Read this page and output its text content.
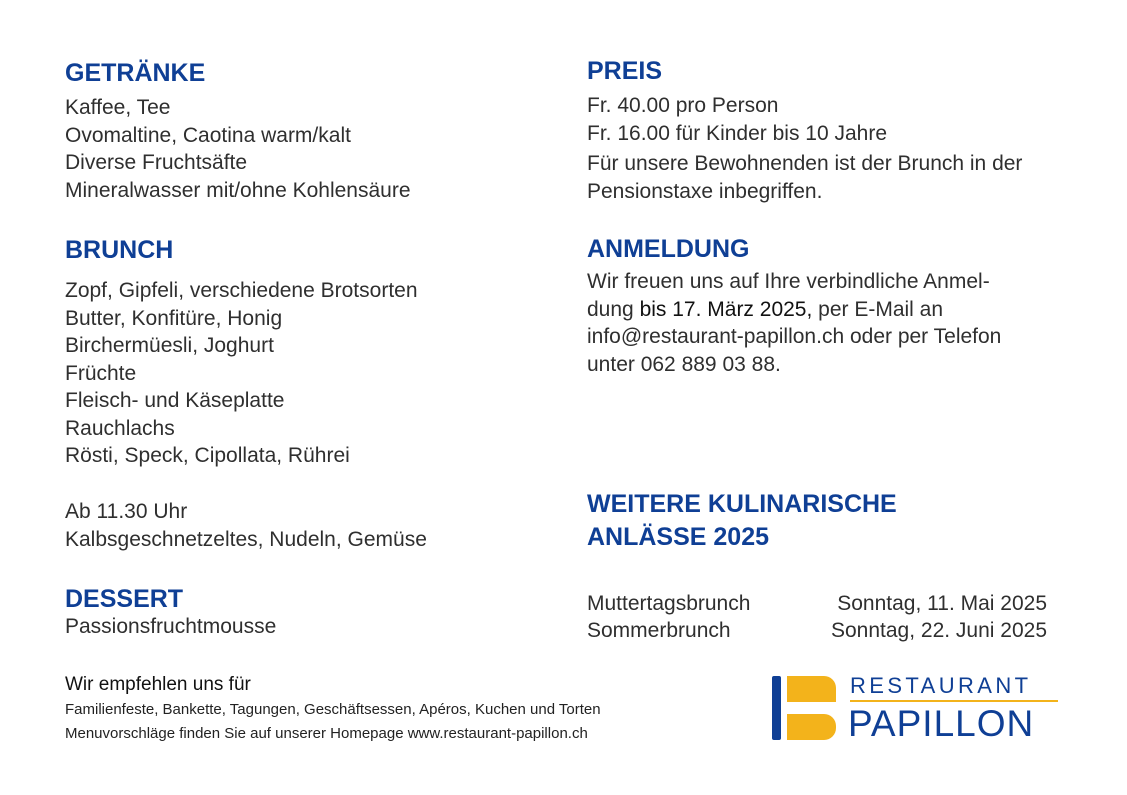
GETRÄNKE
Kaffee, Tee
Ovomaltine, Caotina warm/kalt
Diverse Fruchtsäfte
Mineralwasser mit/ohne Kohlensäure
BRUNCH
Zopf, Gipfeli, verschiedene Brotsorten
Butter, Konfitüre, Honig
Birchermüesli, Joghurt
Früchte
Fleisch- und Käseplatte
Rauchlachs
Rösti, Speck, Cipollata, Rührei
Ab 11.30 Uhr
Kalbsgeschnetzeltes, Nudeln, Gemüse
DESSERT
Passionsfruchtmousse
PREIS
Fr. 40.00 pro Person
Fr. 16.00 für Kinder bis 10 Jahre
Für unsere Bewohnenden ist der Brunch in der
Pensionstaxe inbegriffen.
ANMELDUNG
Wir freuen uns auf Ihre verbindliche Anmel-
dung bis 17. März 2025, per E-Mail an
info@restaurant-papillon.ch oder per Telefon
unter 062 889 03 88.
WEITERE KULINARISCHE
ANLÄSSE 2025
Muttertagsbrunch	Sonntag, 11. Mai 2025
Sommerbrunch	Sonntag, 22. Juni 2025
Wir empfehlen uns für
Familienfeste, Bankette, Tagungen, Geschäftsessen, Apéros, Kuchen und Torten
Menuvorschläge finden Sie auf unserer Homepage www.restaurant-papillon.ch
RESTAURANT
PAPILLON
